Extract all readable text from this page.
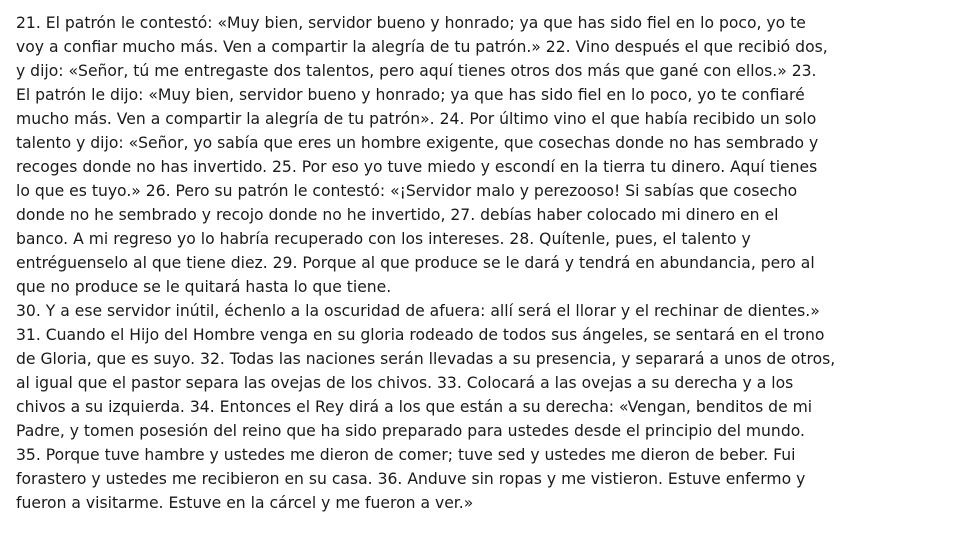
21. El patrón le contestó: «Muy bien, servidor bueno y honrado; ya que has sido fiel en lo poco, yo te
voy a confiar mucho más. Ven a compartir la alegría de tu patrón.» 22. Vino después el que recibió dos,
y dijo: «Señor, tú me entregaste dos talentos, pero aquí tienes otros dos más que gané con ellos.» 23.
El patrón le dijo: «Muy bien, servidor bueno y honrado; ya que has sido fiel en lo poco, yo te confiaré
mucho más. Ven a compartir la alegría de tu patrón». 24. Por último vino el que había recibido un solo
talento y dijo: «Señor, yo sabía que eres un hombre exigente, que cosechas donde no has sembrado y
recoges donde no has invertido. 25. Por eso yo tuve miedo y escondí en la tierra tu dinero. Aquí tienes
lo que es tuyo.» 26. Pero su patrón le contestó: «¡Servidor malo y perezooso! Si sabías que cosecho
donde no he sembrado y recojo donde no he invertido, 27. debías haber colocado mi dinero en el
banco. A mi regreso yo lo habría recuperado con los intereses. 28. Quítenle, pues, el talento y
entréguenselo al que tiene diez. 29. Porque al que produce se le dará y tendrá en abundancia, pero al
que no produce se le quitará hasta lo que tiene.
30. Y a ese servidor inútil, échenlo a la oscuridad de afuera: allí será el llorar y el rechinar de dientes.»
31. Cuando el Hijo del Hombre venga en su gloria rodeado de todos sus ángeles, se sentará en el trono
de Gloria, que es suyo. 32. Todas las naciones serán llevadas a su presencia, y separará a unos de otros,
al igual que el pastor separa las ovejas de los chivos. 33. Colocará a las ovejas a su derecha y a los
chivos a su izquierda. 34. Entonces el Rey dirá a los que están a su derecha: «Vengan, benditos de mi
Padre, y tomen posesión del reino que ha sido preparado para ustedes desde el principio del mundo.
35. Porque tuve hambre y ustedes me dieron de comer; tuve sed y ustedes me dieron de beber. Fui
forastero y ustedes me recibieron en su casa. 36. Anduve sin ropas y me vistieron. Estuve enfermo y
fueron a visitarme. Estuve en la cárcel y me fueron a ver.»
